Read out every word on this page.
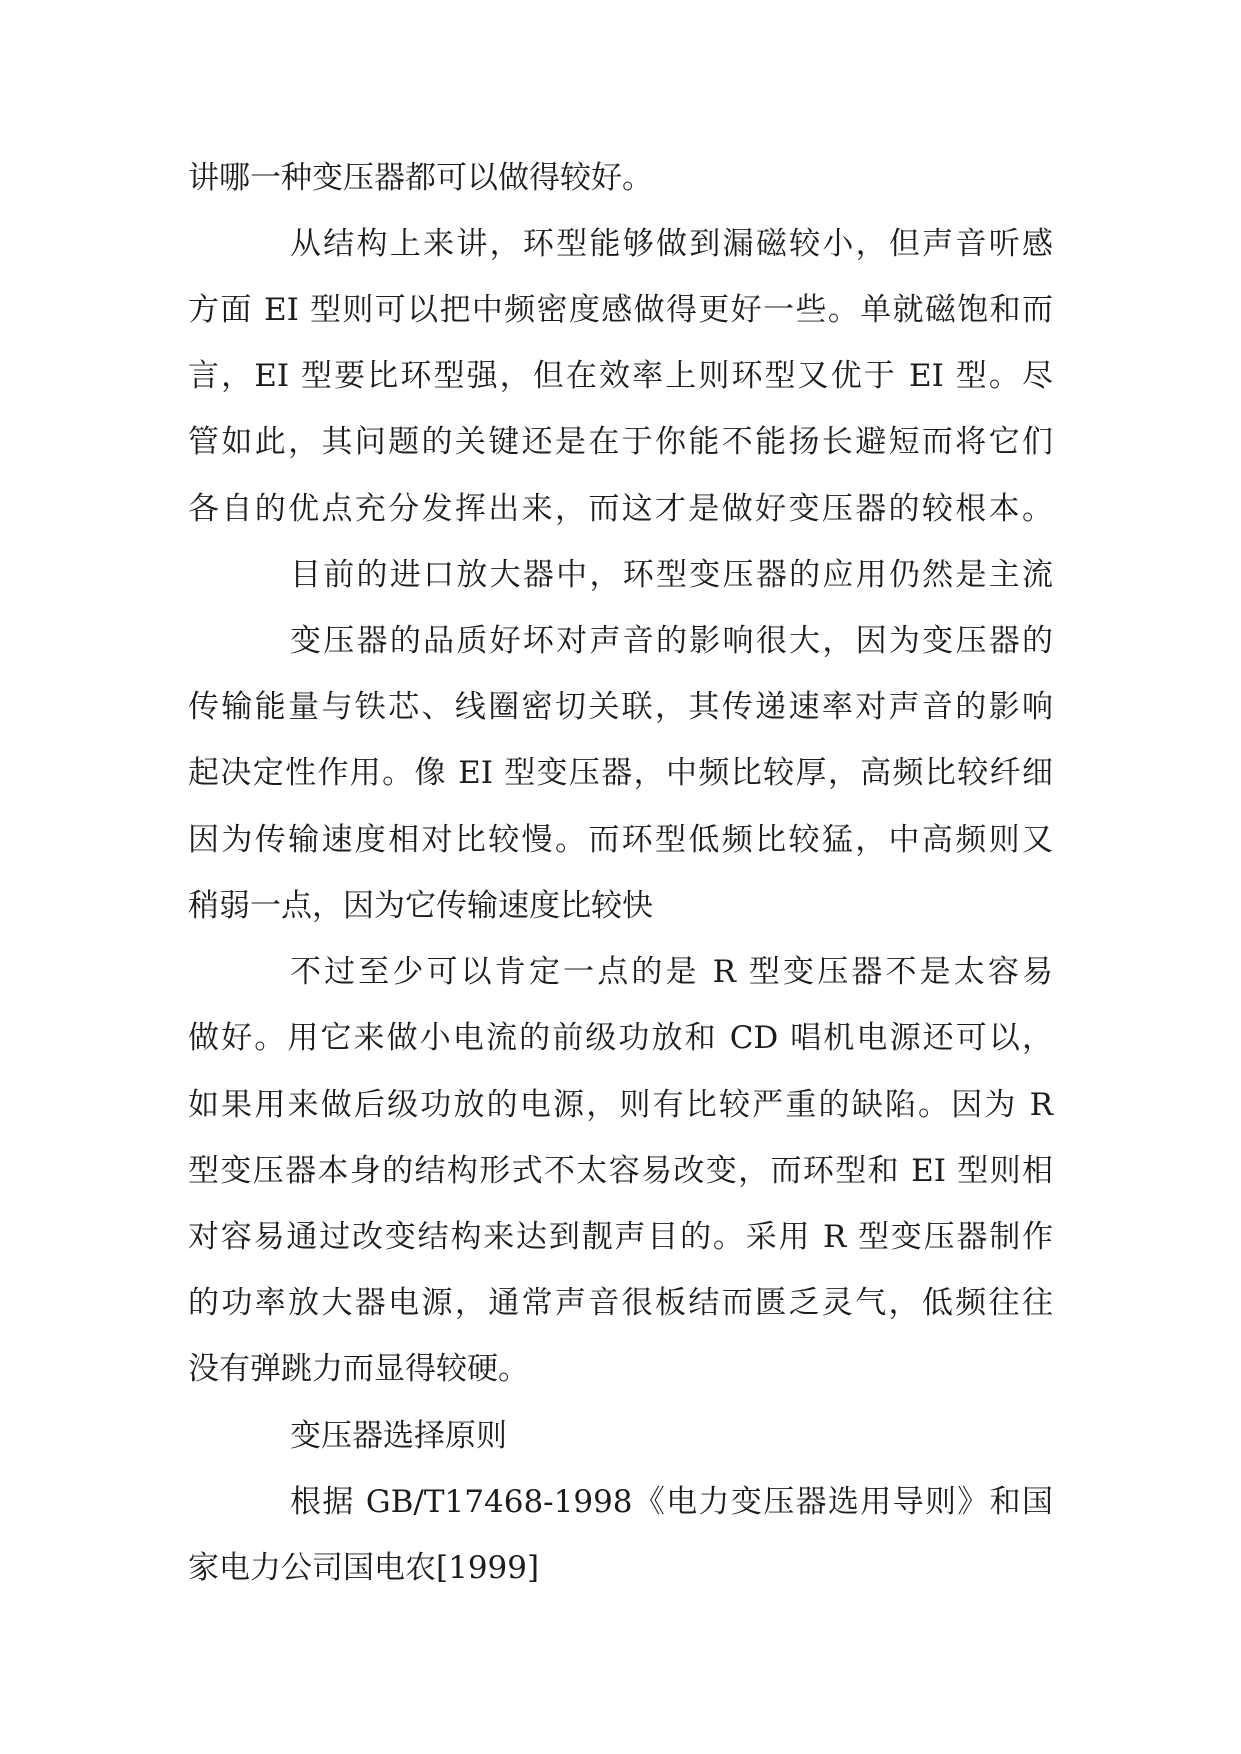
讲哪一种变压器都可以做得较好。

从结构上来讲，环型能够做到漏磁较小，但声音听感

方面 EI 型则可以把中频密度感做得更好一些。单就磁饱和而

言，EI 型要比环型强，但在效率上则环型又优于 EI 型。尽

管如此，其问题的关键还是在于你能不能扬长避短而将它们

各自的优点充分发挥出来，而这才是做好变压器的较根本。

目前的进口放大器中，环型变压器的应用仍然是主流

变压器的品质好坏对声音的影响很大，因为变压器的

传输能量与铁芯、线圈密切关联，其传递速率对声音的影响

起决定性作用。像 EI 型变压器，中频比较厚，高频比较纤细

因为传输速度相对比较慢。而环型低频比较猛，中高频则又

稍弱一点，因为它传输速度比较快

不过至少可以肯定一点的是 R 型变压器不是太容易

做好。用它来做小电流的前级功放和 CD 唱机电源还可以，

如果用来做后级功放的电源，则有比较严重的缺陷。因为 R

型变压器本身的结构形式不太容易改变，而环型和 EI 型则相

对容易通过改变结构来达到靓声目的。采用 R 型变压器制作

的功率放大器电源，通常声音很板结而匮乏灵气，低频往往

没有弹跳力而显得较硬。

变压器选择原则

根据 GB/T17468-1998《电力变压器选用导则》和国

家电力公司国电农[1999]
